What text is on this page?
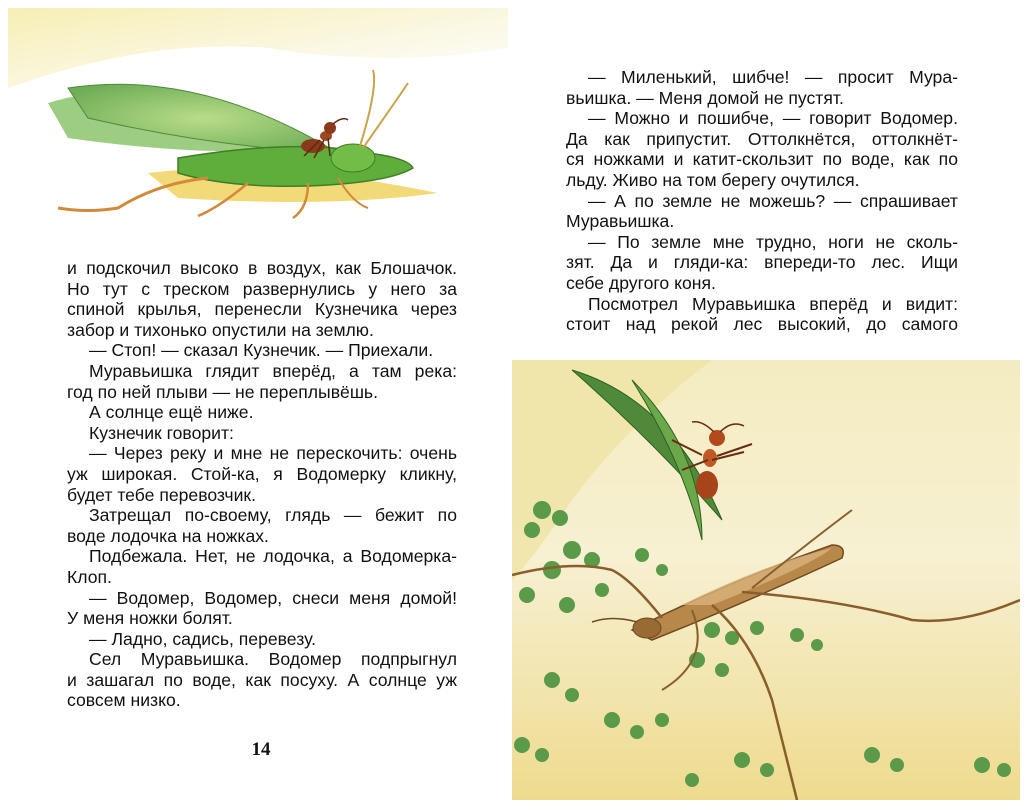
и подскочил высоко в воздух, как Блошачок.
Но тут с треском развернулись у него за
спиной крылья, перенесли Кузнечика через
забор и тихонько опустили на землю.

— Стоп! — сказал Кузнечик. — Приехали.

Муравьишка глядит вперёд, а там река:
год по ней плыви — не переплывёшь.

А солнце ещё ниже.

Кузнечик говорит:

— Через реку и мне не перескочить: очень
уж широкая. Стой-ка, я Водомерку кликну,
будет тебе перевозчик.

Затрещал по-своему, глядь — бежит по
воде лодочка на ножках.

Подбежала. Нет, не лодочка, а Водомерка-
Клоп.

— Водомер, Водомер, снеси меня домой!
У меня ножки болят.

— Ладно, садись, перевезу.

Сел Муравьишка. Водомер подпрыгнул
и зашагал по воде, как посуху. А солнце уж
совсем низко.

14

— Миленький, шибче! — просит Мура-
вьишка. — Меня домой не пустят.

— Можно и пошибче, — говорит Водомер.
Да как припустит. Оттолкнётся, оттолкнёт-
ся ножками и катит-скользит по воде, как по
льду. Живо на том берегу очутился.

— А по земле не можешь? — спрашивает
Муравьишка.

— По земле мне трудно, ноги не сколь-
зят. Да и гляди-ка: впереди-то лес. Ищи
себе другого коня.

Посмотрел Муравьишка вперёд и видит:
стоит над рекой лес высокий, до самого
